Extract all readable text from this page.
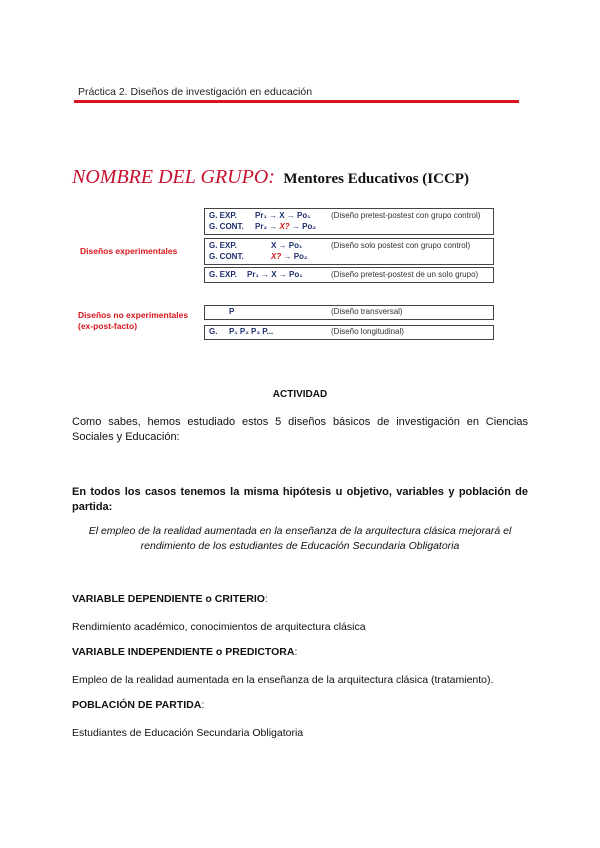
Práctica 2. Diseños de investigación en educación
NOMBRE DEL GRUPO: Mentores Educativos (ICCP)
Diseños experimentales
Diseños no experimentales
(ex-post-facto)
G. EXP. Pr₁ → X → Po₁	(Diseño pretest-postest con grupo control)
G. CONT. Pr₂ → X? → Po₂
G. EXP.	X → Po₁	(Diseño solo postest con grupo control)
G. CONT.	X? → Po₂
G. EXP. Pr₁ → X → Po₁	(Diseño pretest-postest de un solo grupo)
P	(Diseño transversal)
G. P₁ P₂ P₃ P...	(Diseño longitudinal)
ACTIVIDAD
Como sabes, hemos estudiado estos 5 diseños básicos de investigación en Ciencias Sociales y Educación:
En todos los casos tenemos la misma hipótesis u objetivo, variables y población de partida:
El empleo de la realidad aumentada en la enseñanza de la arquitectura clásica mejorará el
rendimiento de los estudiantes de Educación Secundaria Obligatoria
VARIABLE DEPENDIENTE o CRITERIO:
Rendimiento académico, conocimientos de arquitectura clásica
VARIABLE INDEPENDIENTE o PREDICTORA:
Empleo de la realidad aumentada en la enseñanza de la arquitectura clásica (tratamiento).
POBLACIÓN DE PARTIDA:
Estudiantes de Educación Secundaria Obligatoria
